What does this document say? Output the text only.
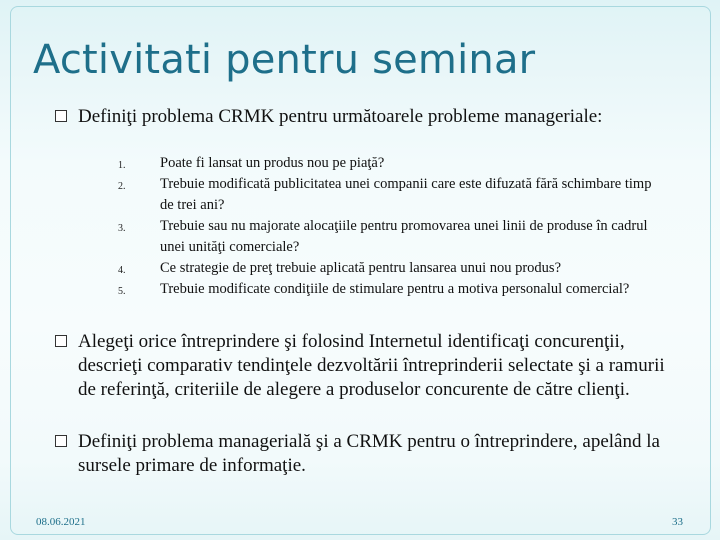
Activitati pentru seminar
Definiţi problema CRMK pentru următoarele probleme manageriale:
1. Poate fi lansat un produs nou pe piaţă?
2. Trebuie modificată publicitatea unei companii care este difuzată fără schimbare timp de trei ani?
3. Trebuie sau nu majorate alocaţiile pentru promovarea unei linii de produse în cadrul unei unităţi comerciale?
4. Ce strategie de preţ trebuie aplicată pentru lansarea unui nou produs?
5. Trebuie modificate condiţiile de stimulare pentru a motiva personalul comercial?
Alegeţi orice întreprindere şi folosind Internetul identificaţi concurenţii, descrieţi comparativ tendinţele dezvoltării întreprinderii selectate şi a ramurii de referinţă, criteriile de alegere a produselor concurente de către clienţi.
Definiţi problema managerială şi a CRMK pentru o întreprindere, apelând la sursele primare de informaţie.
08.06.2021	33
